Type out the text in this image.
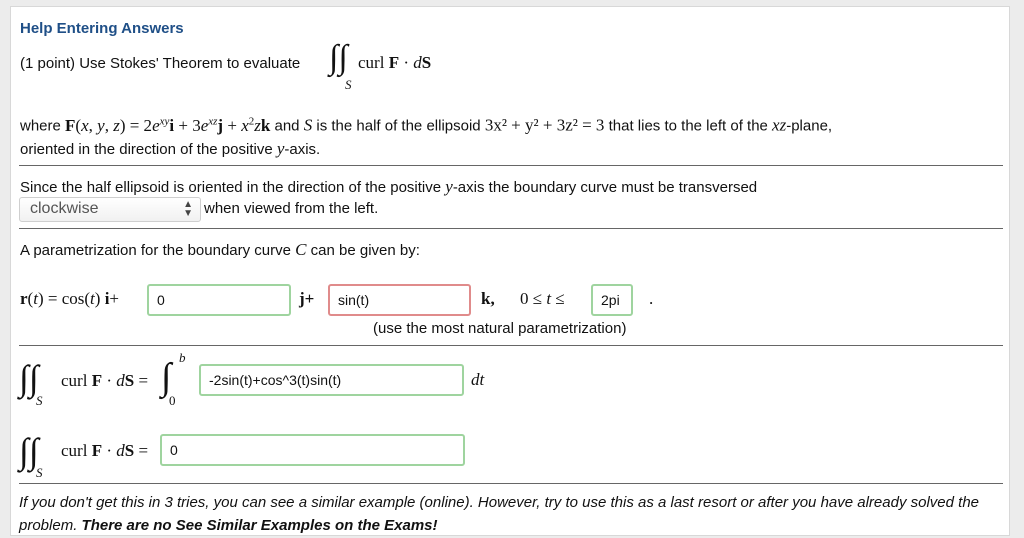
Help Entering Answers
(1 point) Use Stokes' Theorem to evaluate ∫∫
S
curl F · dS
where F(x, y, $z) = 2e^{xy}i + 3e^{xz}j + x^2zk$ and S is the half of the ellipsoid 3x² + y² + 3z² = 3 that lies to the left of the xz-plane,
oriented in the direction of the positive y-axis.
Since the half ellipsoid is oriented in the direction of the positive y-axis the boundary curve must be transversed
clockwise	▲
▼ when viewed from the left.
A parametrization for the boundary curve C can be given by:
r(t) = cos(t) i+	0	j+	sin(t)	k, 0 ≤ t ≤	2pi	.
(use the most natural parametrization)
∫∫
S
curl F · dS = ∫ b
0
-2sin(t)+cos^3(t)sin(t)	dt
∫∫
S
curl F · dS =	0
If you don't get this in 3 tries, you can see a similar example (online). However, try to use this as a last resort or after you have already solved the problem. There are no See Similar Examples on the Exams!
